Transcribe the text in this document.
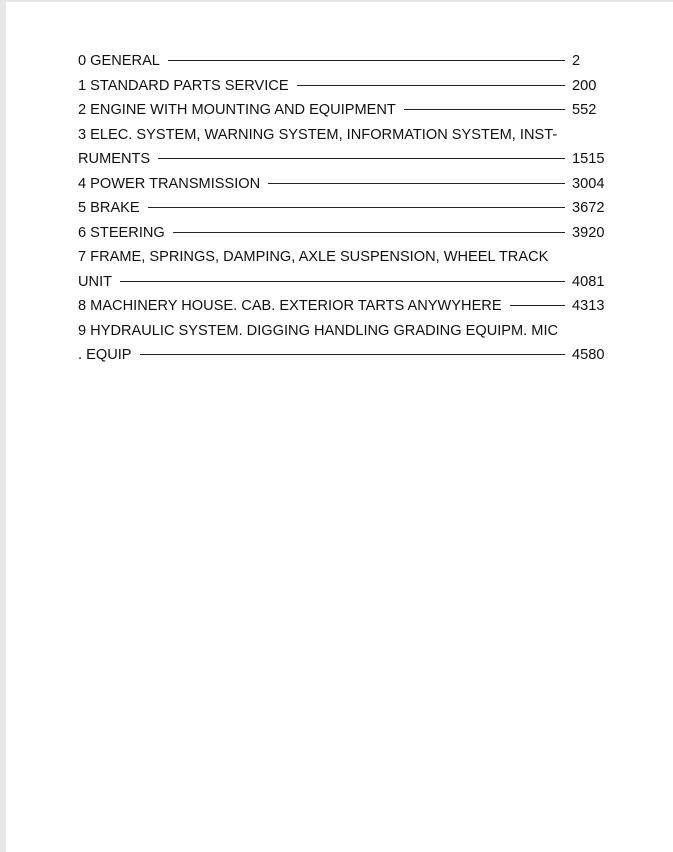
0 GENERAL	2
1 STANDARD PARTS SERVICE	200
2 ENGINE WITH MOUNTING AND EQUIPMENT	552
3 ELEC. SYSTEM, WARNING SYSTEM, INFORMATION SYSTEM, INST-
RUMENTS	1515
4 POWER TRANSMISSION	3004
5 BRAKE	3672
6 STEERING	3920
7 FRAME, SPRINGS, DAMPING, AXLE SUSPENSION, WHEEL TRACK
UNIT	4081
8 MACHINERY HOUSE. CAB. EXTERIOR TARTS ANYWYHERE	4313
9 HYDRAULIC SYSTEM. DIGGING HANDLING GRADING EQUIPM. MIC
. EQUIP	4580
